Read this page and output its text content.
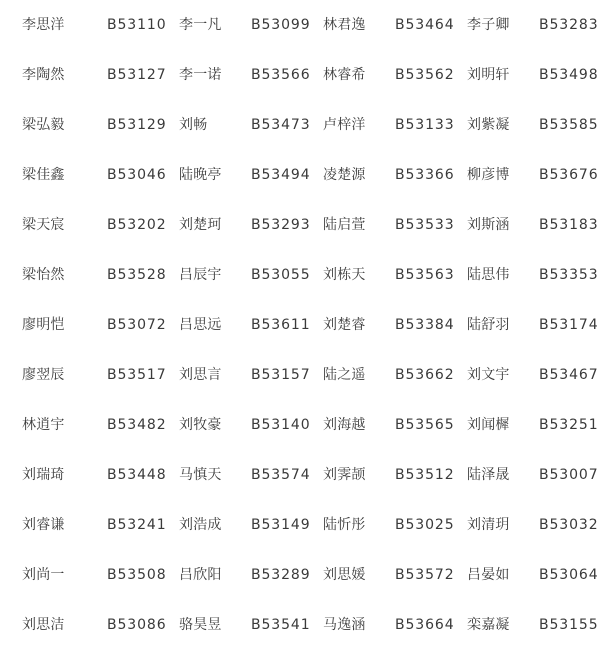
李思洋	B53110 李一凡 B53099 林君逸 B53464 李子卿 B53283
李陶然	B53127 李一诺 B53566 林睿希 B53562 刘明轩 B53498
梁弘毅	B53129 刘畅	B53473 卢梓洋 B53133 刘紫凝 B53585
梁佳鑫	B53046 陆晚亭 B53494 凌楚源 B53366 柳彦博 B53676
梁天宸	B53202 刘楚珂 B53293 陆启萱 B53533 刘斯涵 B53183
梁怡然	B53528 吕辰宇 B53055 刘栋天 B53563 陆思伟 B53353
廖明恺	B53072 吕思远 B53611 刘楚睿 B53384 陆舒羽 B53174
廖翌辰	B53517 刘思言 B53157 陆之遥 B53662 刘文宇 B53467
林逍宇	B53482 刘牧豪 B53140 刘海越 B53565 刘闻樨 B53251
刘瑞琦	B53448 马慎天 B53574 刘霁颉 B53512 陆泽晟 B53007
刘睿谦	B53241 刘浩成 B53149 陆忻彤 B53025 刘清玥 B53032
刘尚一	B53508 吕欣阳 B53289 刘思媛 B53572 吕晏如 B53064
刘思洁	B53086 骆昊昱 B53541 马逸涵 B53664 栾嘉凝 B53155
